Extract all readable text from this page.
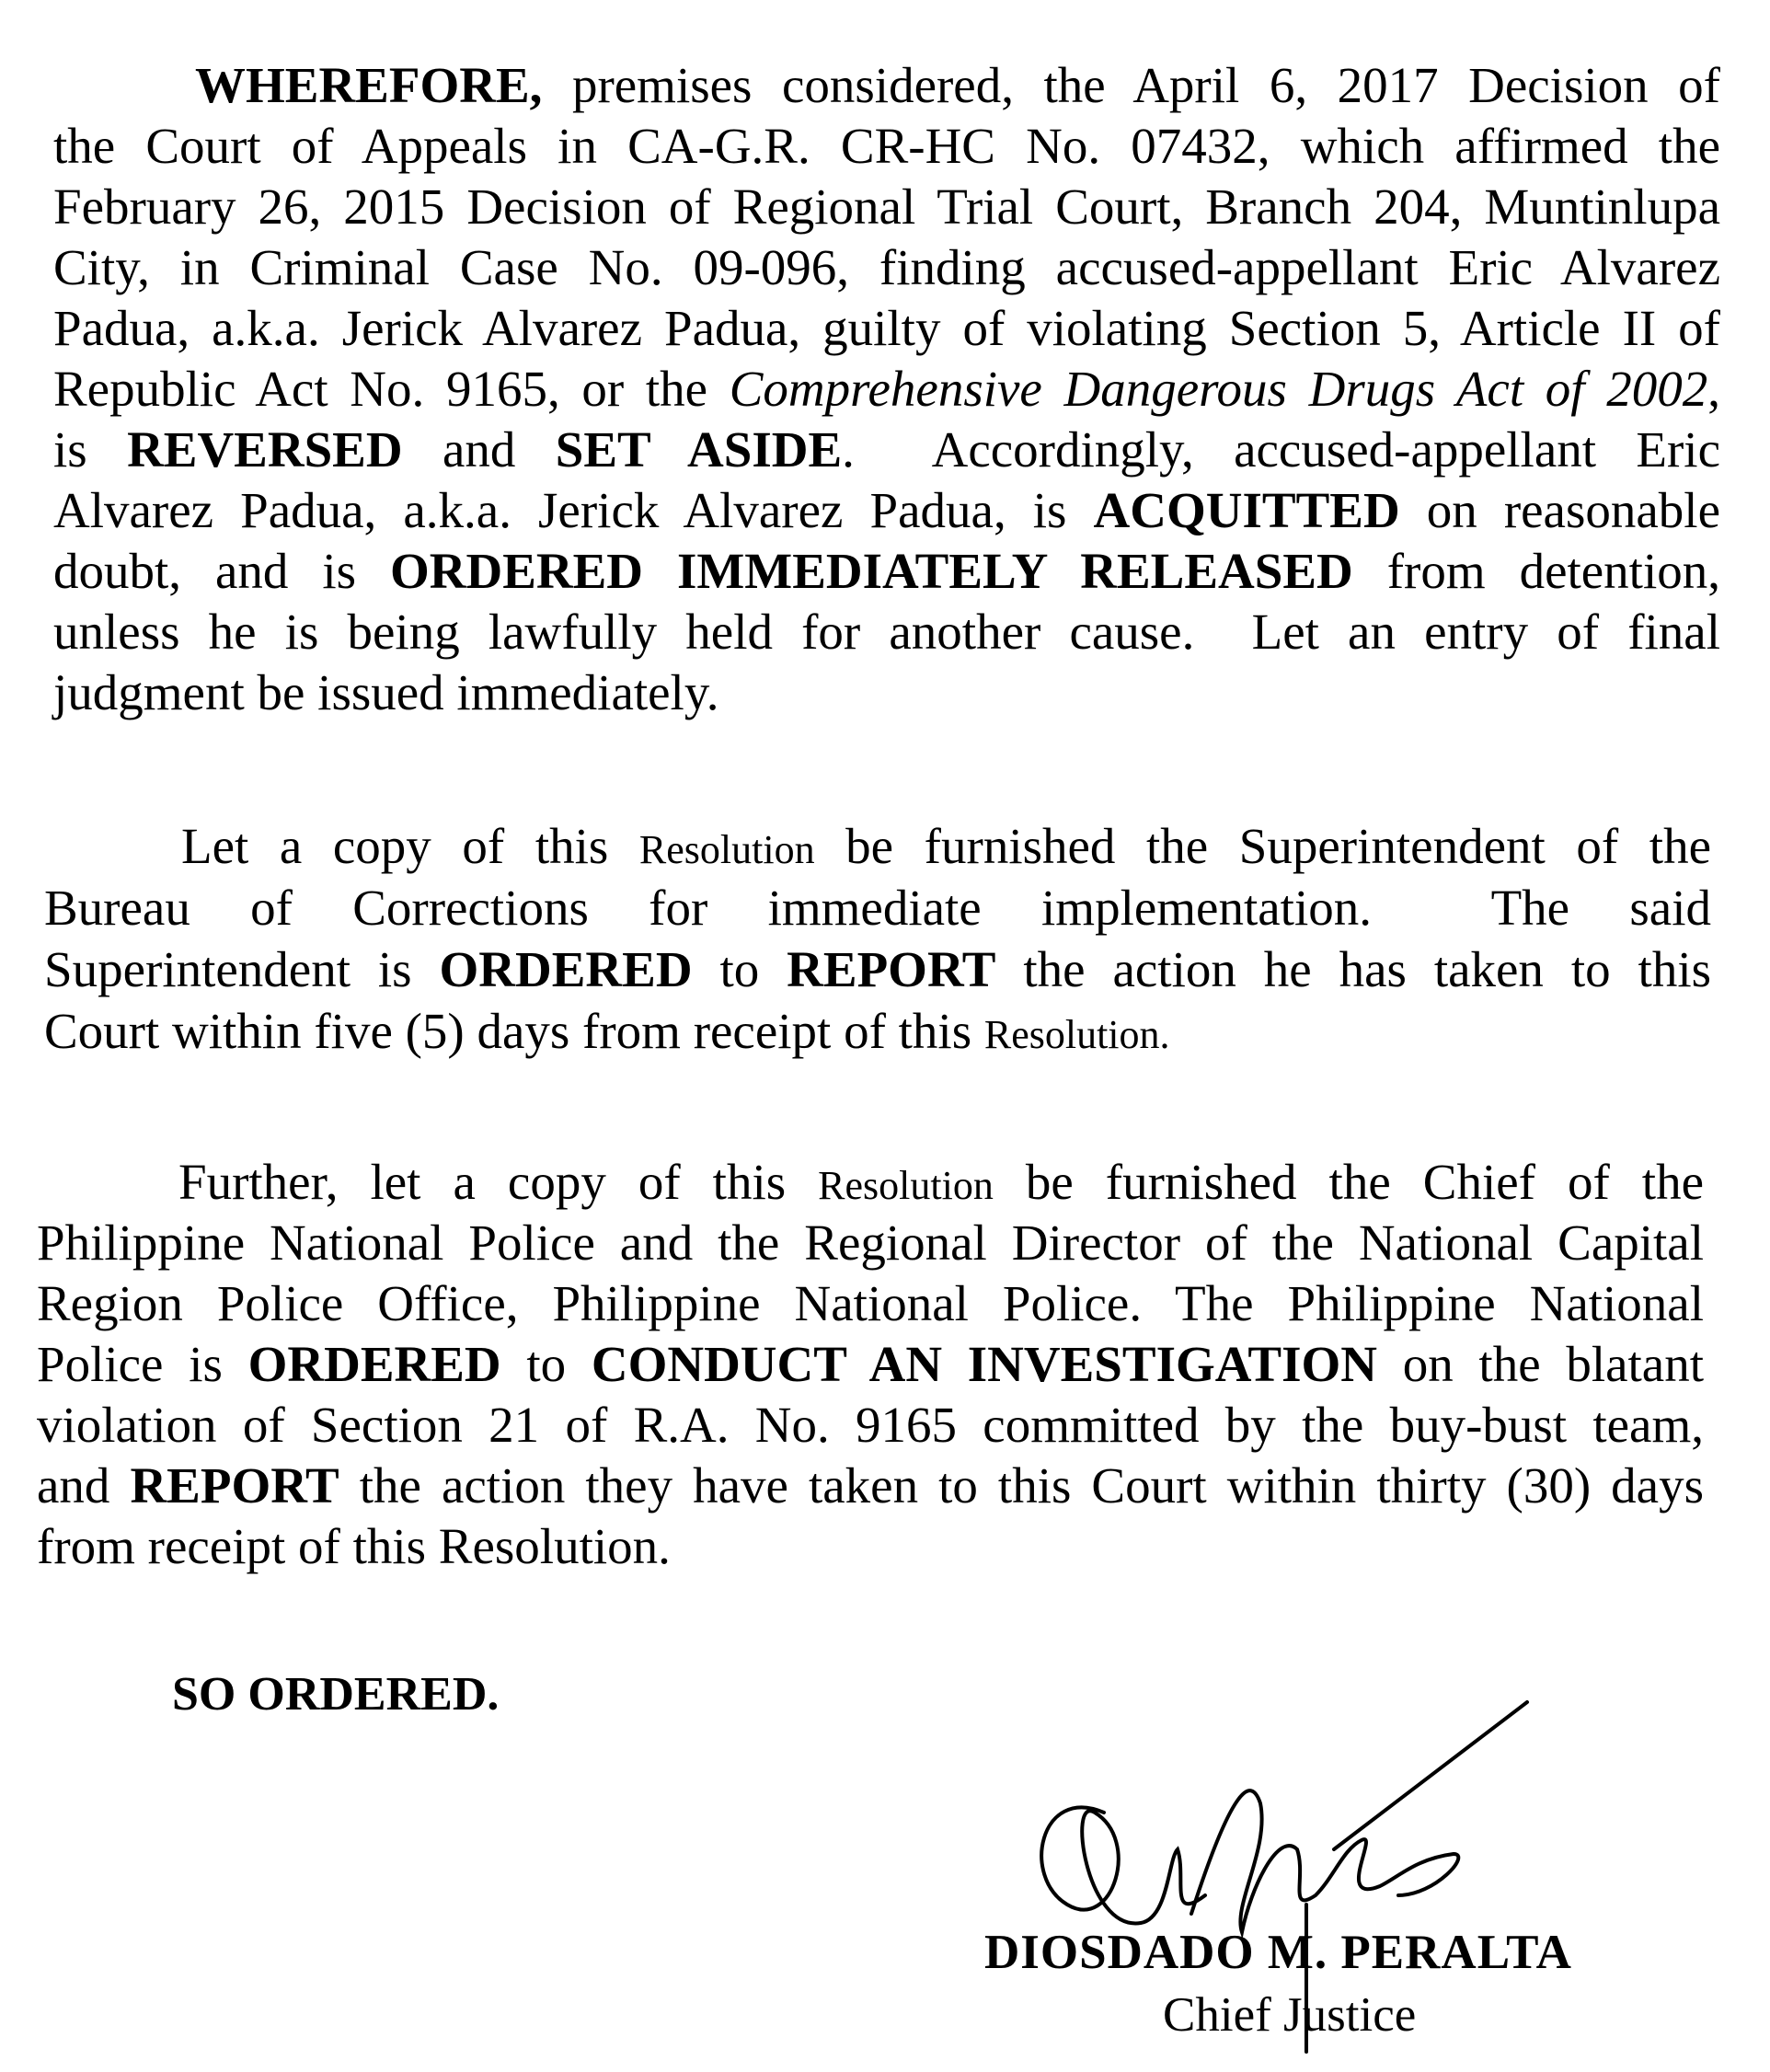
WHEREFORE, premises considered, the April 6, 2017 Decision of
the Court of Appeals in CA-G.R. CR-HC No. 07432, which affirmed the
February 26, 2015 Decision of Regional Trial Court, Branch 204, Muntinlupa
City, in Criminal Case No. 09-096, finding accused-appellant Eric Alvarez
Padua, a.k.a. Jerick Alvarez Padua, guilty of violating Section 5, Article II of
Republic Act No. 9165, or the Comprehensive Dangerous Drugs Act of 2002,
is REVERSED and SET ASIDE.  Accordingly, accused-appellant Eric
Alvarez Padua, a.k.a. Jerick Alvarez Padua, is ACQUITTED on reasonable
doubt, and is ORDERED IMMEDIATELY RELEASED from detention,
unless he is being lawfully held for another cause.  Let an entry of final
judgment be issued immediately.
Let a copy of this Resolution be furnished the Superintendent of the
Bureau of Corrections for immediate implementation.  The said
Superintendent is ORDERED to REPORT the action he has taken to this
Court within five (5) days from receipt of this Resolution.
Further, let a copy of this Resolution be furnished the Chief of the
Philippine National Police and the Regional Director of the National Capital
Region Police Office, Philippine National Police. The Philippine National
Police is ORDERED to CONDUCT AN INVESTIGATION on the blatant
violation of Section 21 of R.A. No. 9165 committed by the buy-bust team,
and REPORT the action they have taken to this Court within thirty (30) days
from receipt of this Resolution.
SO ORDERED.
DIOSDADO M. PERALTA
Chief Justice
